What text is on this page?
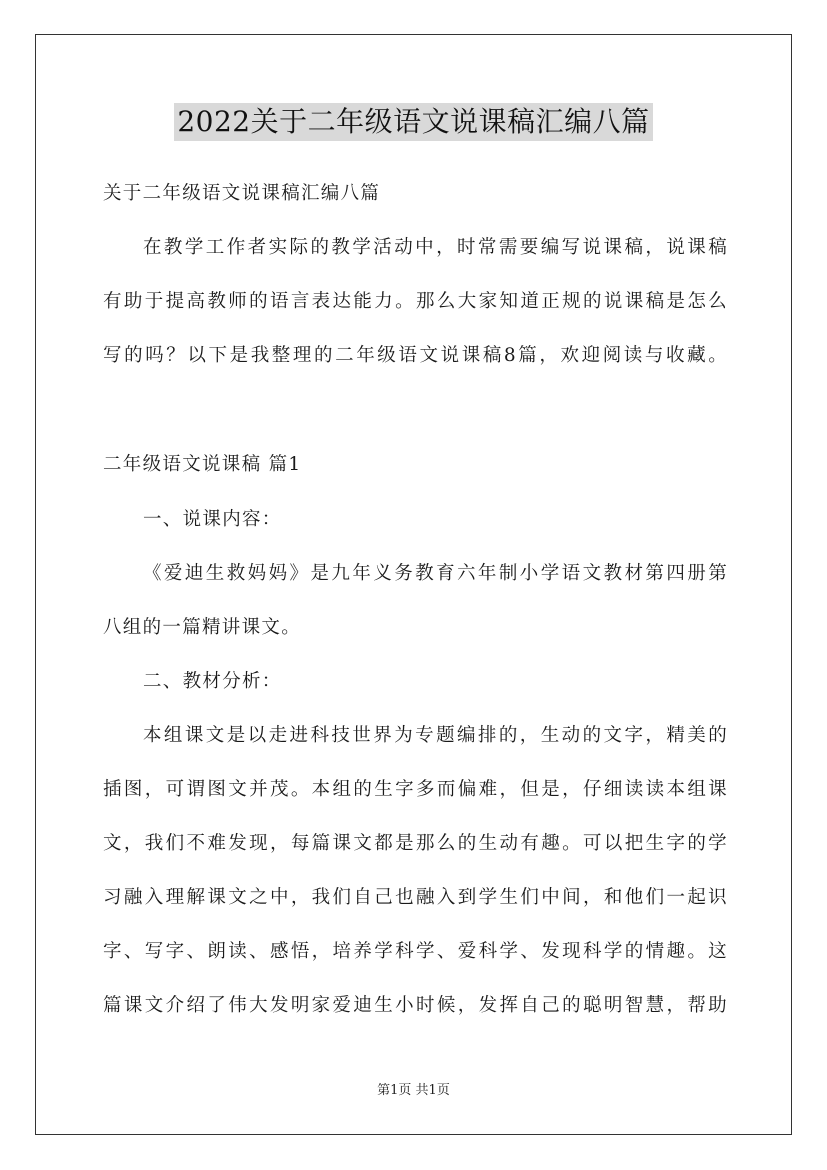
2022关于二年级语文说课稿汇编八篇
关于二年级语文说课稿汇编八篇
在教学工作者实际的教学活动中，时常需要编写说课稿，说课稿
有助于提高教师的语言表达能力。那么大家知道正规的说课稿是怎么
写的吗？以下是我整理的二年级语文说课稿8篇，欢迎阅读与收藏。
二年级语文说课稿 篇1
一、说课内容：
《爱迪生救妈妈》是九年义务教育六年制小学语文教材第四册第
八组的一篇精讲课文。
二、教材分析：
本组课文是以走进科技世界为专题编排的，生动的文字，精美的
插图，可谓图文并茂。本组的生字多而偏难，但是，仔细读读本组课
文，我们不难发现，每篇课文都是那么的生动有趣。可以把生字的学
习融入理解课文之中，我们自己也融入到学生们中间，和他们一起识
字、写字、朗读、感悟，培养学科学、爱科学、发现科学的情趣。这
篇课文介绍了伟大发明家爱迪生小时候，发挥自己的聪明智慧，帮助
第1页 共1页
